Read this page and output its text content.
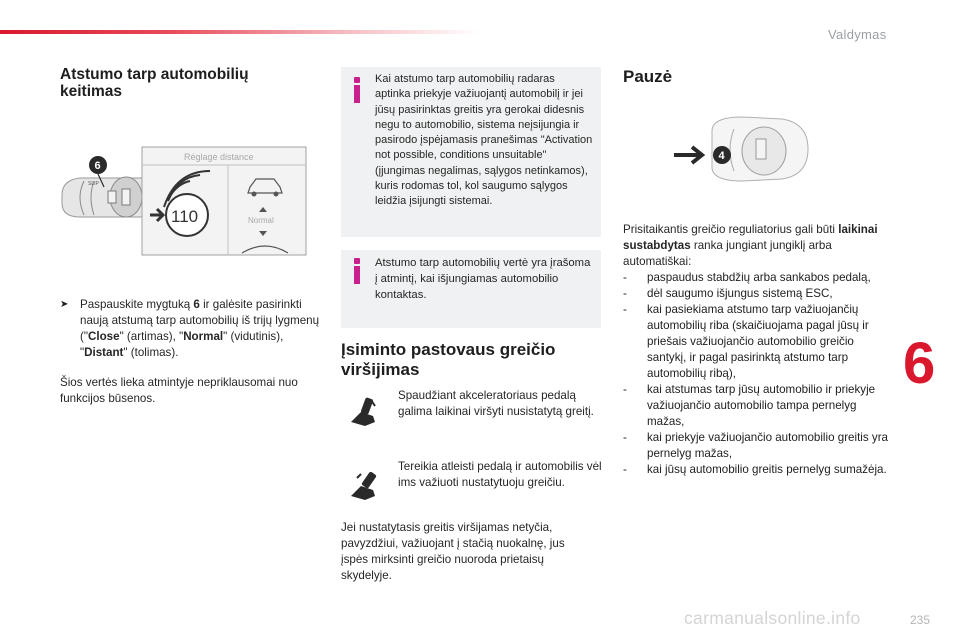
Valdymas
Atstumo tarp automobilių
keitimas
SLIP
6
Réglage distance
110	Normal
➤ Paspauskite mygtuką 6 ir galėsite pasirinkti naują atstumą tarp automobilių iš trijų lygmenų ("Close" (artimas), "Normal" (vidutinis), "Distant" (tolimas).

Šios vertės lieka atmintyje nepriklausomai nuo funkcijos būsenos.

Kai atstumo tarp automobilių radaras aptinka priekyje važiuojantį automobilį ir jei jūsų pasirinktas greitis yra gerokai didesnis negu to automobilio, sistema neįsijungia ir pasirodo įspėjamasis pranešimas "Activation not possible, conditions unsuitable" (įjungimas negalimas, sąlygos netinkamos), kuris rodomas tol, kol saugumo sąlygos leidžia įsijungti sistemai.
Atstumo tarp automobilių vertė yra įrašoma į atmintį, kai išjungiamas automobilio kontaktas.
Įsiminto pastovaus greičio
viršijimas

Spaudžiant akceleratoriaus pedalą galima laikinai viršyti nusistatytą greitį.

Tereikia atleisti pedalą ir automobilis vėl ims važiuoti nustatytuoju greičiu.

Jei nustatytasis greitis viršijamas netyčia, pavyzdžiui, važiuojant į stačią nuokalnę, jus įspės mirksinti greičio nuoroda prietaisų skydelyje.

Pauzė
4

Prisitaikantis greičio reguliatorius gali būti laikinai sustabdytas ranka jungiant jungiklį arba automatiškai:

-	paspaudus stabdžių arba sankabos pedalą,
-	dėl saugumo išjungus sistemą ESC,
-	kai pasiekiama atstumo tarp važiuojančių automobilių riba (skaičiuojama pagal jūsų ir priešais važiuojančio automobilio greičio santykį, ir pagal pasirinktą atstumo tarp automobilių ribą),
-	kai atstumas tarp jūsų automobilio ir priekyje važiuojančio automobilio tampa pernelyg mažas,
-	kai priekyje važiuojančio automobilio greitis yra pernelyg mažas,
-	kai jūsų automobilio greitis pernelyg sumažėja.
6
carmanualsonline.info	235
